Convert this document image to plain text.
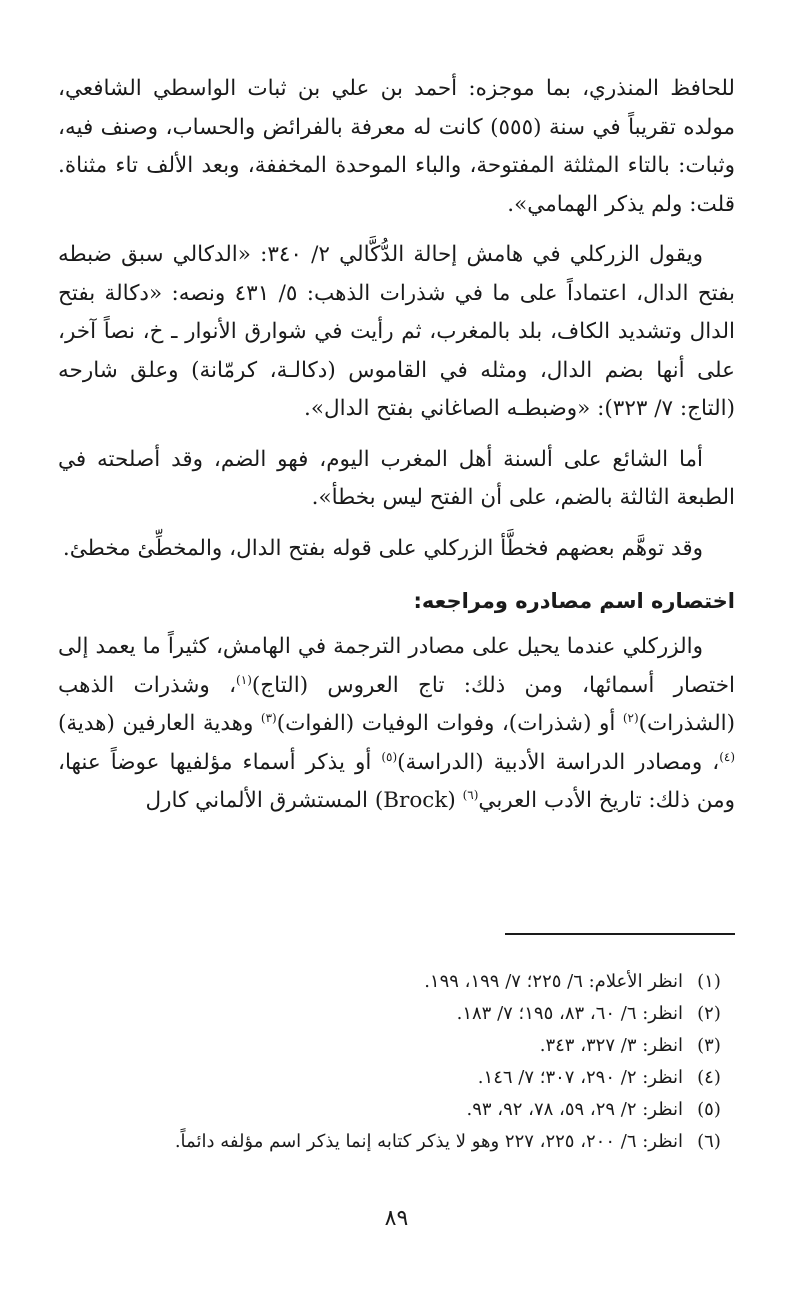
للحافظ المنذري، بما موجزه: أحمد بن علي بن ثبات الواسطي الشافعي، مولده تقريباً في سنة (٥٥٥) كانت له معرفة بالفرائض والحساب، وصنف فيه، وثبات: بالتاء المثلثة المفتوحة، والباء الموحدة المخففة، وبعد الألف تاء مثناة. قلت: ولم يذكر الهمامي».

ويقول الزركلي في هامش إحالة الدُّكَّالي ٢/ ٣٤٠: «الدكالي سبق ضبطه بفتح الدال، اعتماداً على ما في شذرات الذهب: ٥/ ٤٣١ ونصه: «دكالة بفتح الدال وتشديد الكاف، بلد بالمغرب، ثم رأيت في شوارق الأنوار ـ خ، نصاً آخر، على أنها بضم الدال، ومثله في القاموس (دكالـة، كرمّانة) وعلق شارحه (التاج: ٧/ ٣٢٣): «وضبطـه الصاغاني بفتح الدال».

أما الشائع على ألسنة أهل المغرب اليوم، فهو الضم، وقد أصلحته في الطبعة الثالثة بالضم، على أن الفتح ليس بخطأ».

وقد توهَّم بعضهم فخطَّأ الزركلي على قوله بفتح الدال، والمخطِّئ مخطئ.

اختصاره اسم مصادره ومراجعه:

والزركلي عندما يحيل على مصادر الترجمة في الهامش، كثيراً ما يعمد إلى اختصار أسمائها، ومن ذلك: تاج العروس (التاج)$^{(١)}$، وشذرات الذهب (الشذرات)$^{(٢)}$ أو (شذرات)، وفوات الوفيات (الفوات)$^{(٣)}$ وهدية العارفين (هدية)$^{(٤)}$، ومصادر الدراسة الأدبية (الدراسة)$^{(٥)}$ أو يذكر أسماء مؤلفيها عوضاً عنها، ومن ذلك: تاريخ الأدب العربي$^{(٦)}$ (Brock) المستشرق الألماني كارل

(١)
انظر الأعلام: ٦/ ٢٢٥؛ ٧/ ١٩٩، ١٩٩.
(٢)
انظر: ٦/ ٦٠، ٨٣، ١٩٥؛ ٧/ ١٨٣.
(٣)
انظر: ٣/ ٣٢٧، ٣٤٣.
(٤)
انظر: ٢/ ٢٩٠، ٣٠٧؛ ٧/ ١٤٦.
(٥)
انظر: ٢/ ٢٩، ٥٩، ٧٨، ٩٢، ٩٣.
(٦)
انظر: ٦/ ٢٠٠، ٢٢٥، ٢٢٧ وهو لا يذكر كتابه إنما يذكر اسم مؤلفه دائماً.
٨٩
